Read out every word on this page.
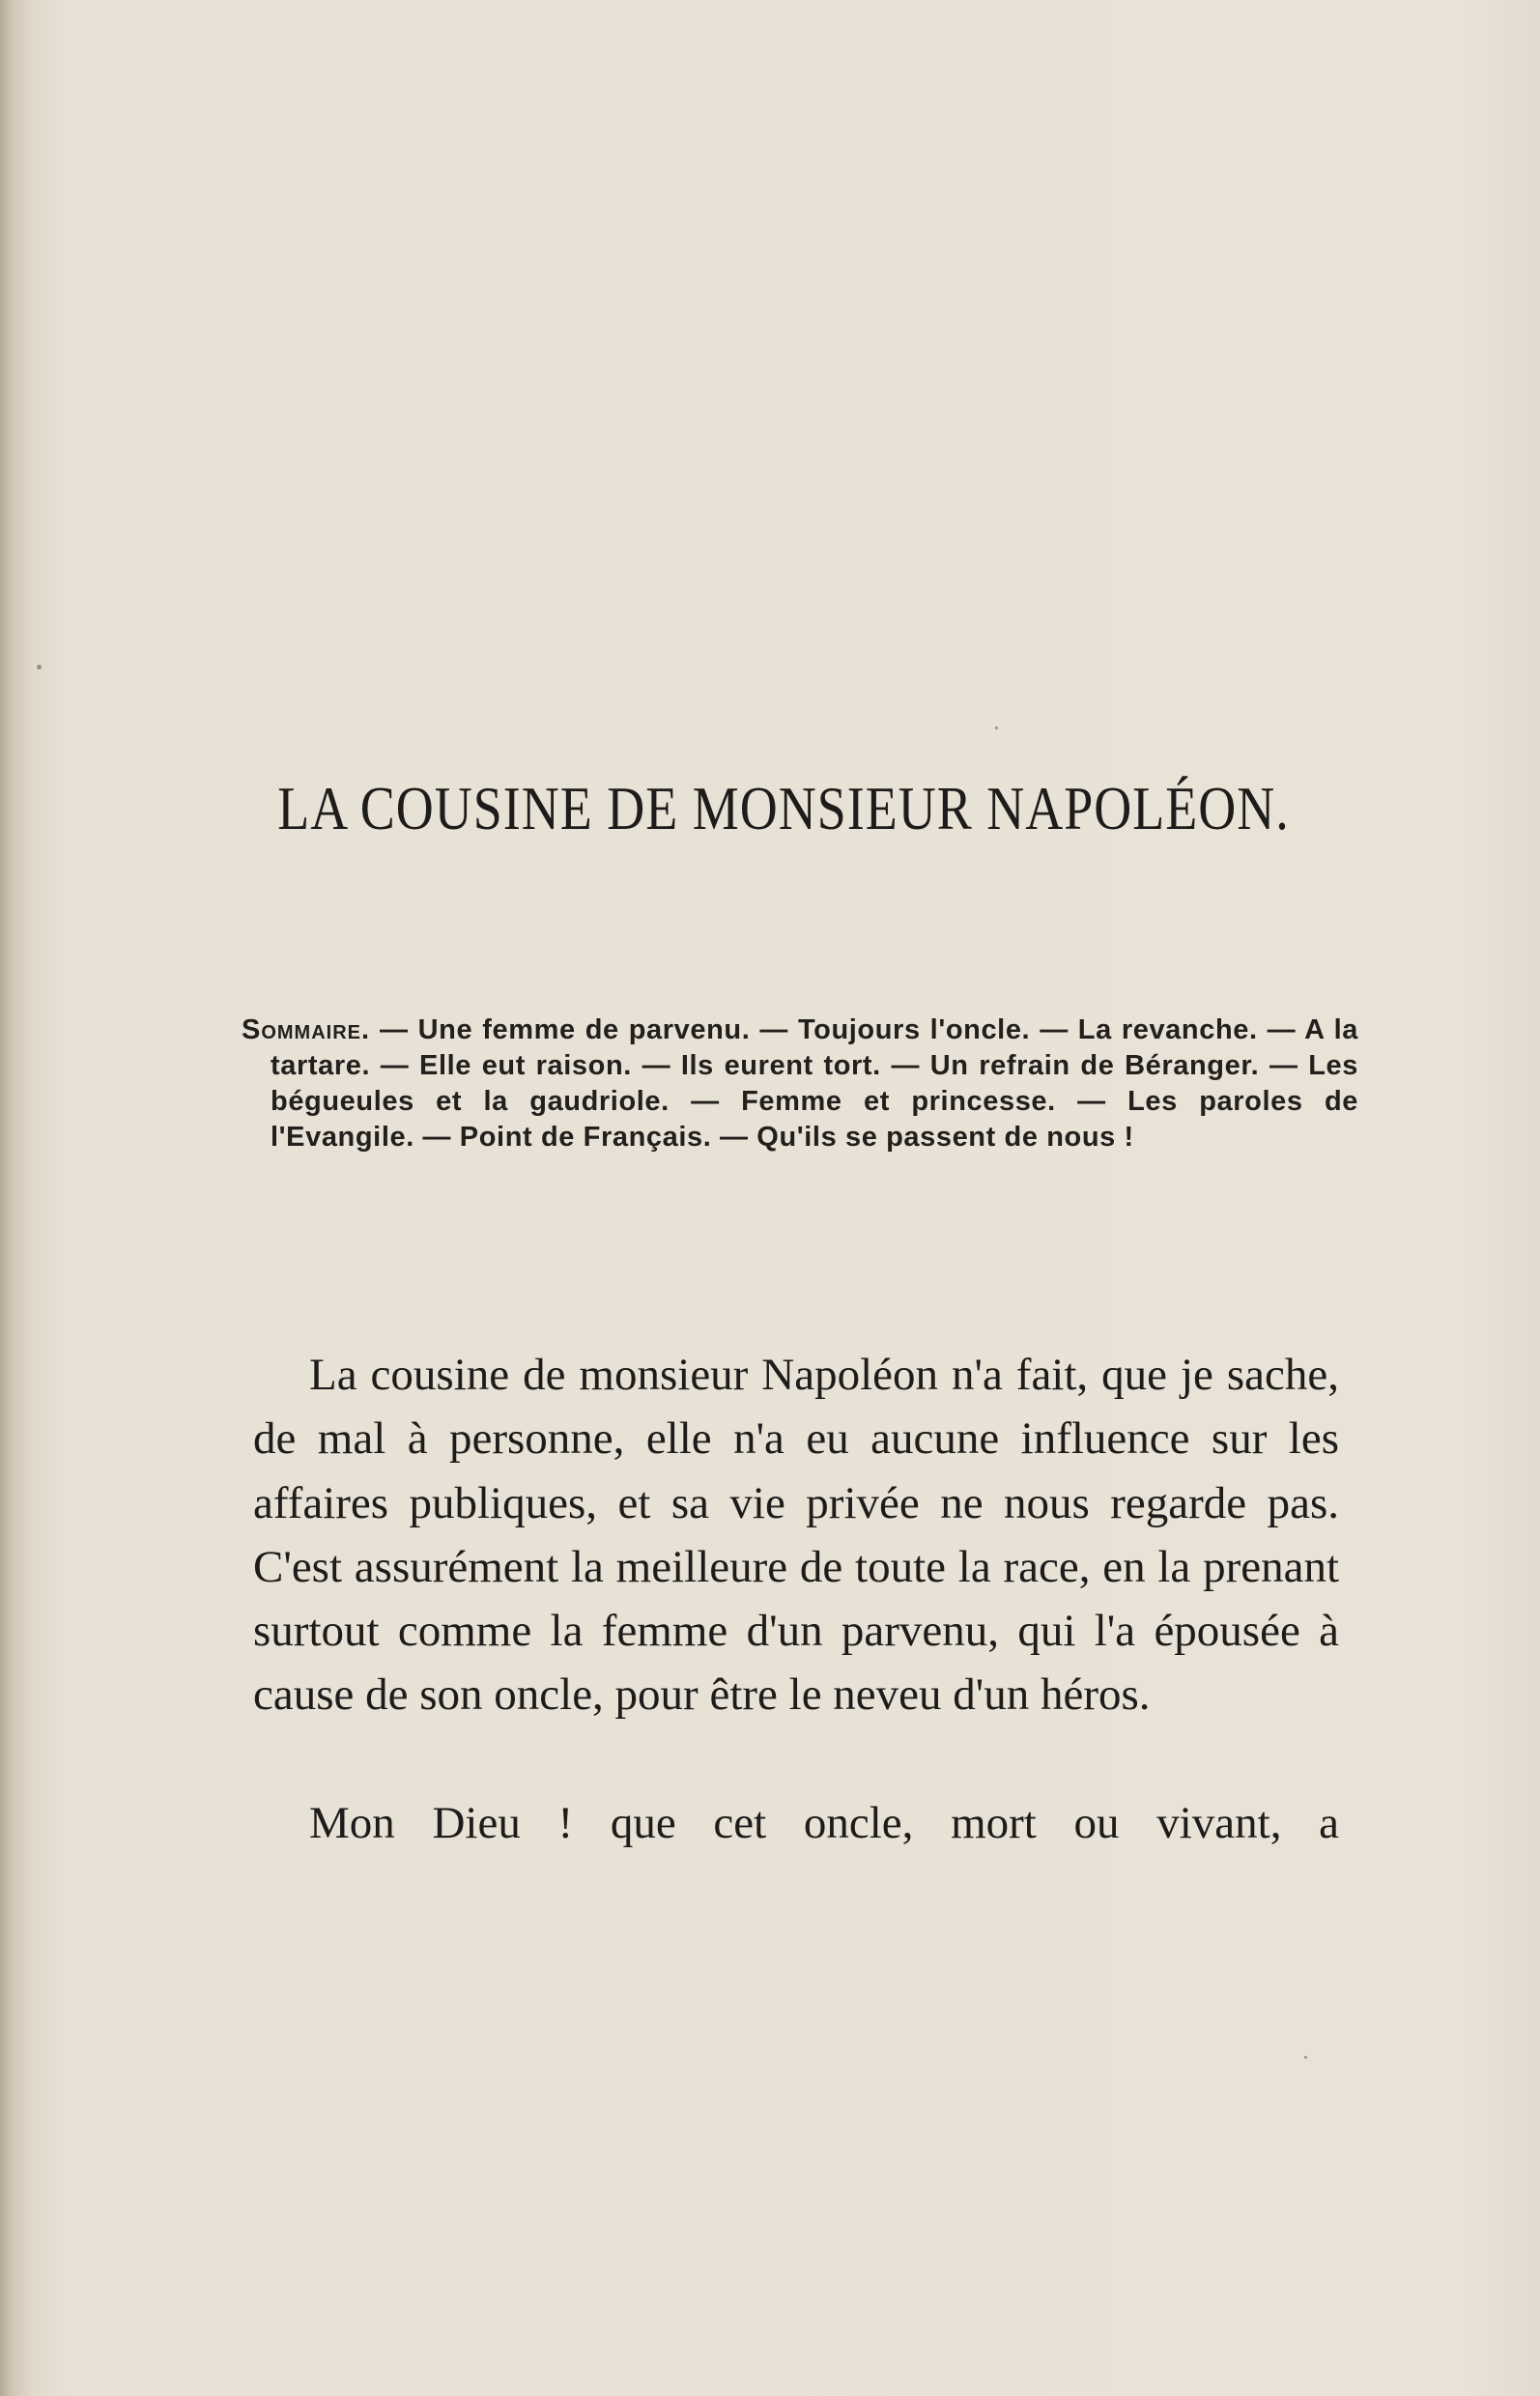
LA COUSINE DE MONSIEUR NAPOLÉON.
Sommaire. — Une femme de parvenu. — Toujours l'oncle. — La revanche. — A la tartare. — Elle eut raison. — Ils eurent tort. — Un refrain de Béranger. — Les bégueules et la gaudriole. — Femme et princesse. — Les paroles de l'Evangile. — Point de Français. — Qu'ils se passent de nous !

La cousine de monsieur Napoléon n'a fait, que je sache, de mal à personne, elle n'a eu aucune influence sur les affaires publiques, et sa vie privée ne nous regarde pas. C'est assurément la meilleure de toute la race, en la prenant surtout comme la femme d'un parvenu, qui l'a épousée à cause de son oncle, pour être le neveu d'un héros.

Mon Dieu ! que cet oncle, mort ou vivant, a
